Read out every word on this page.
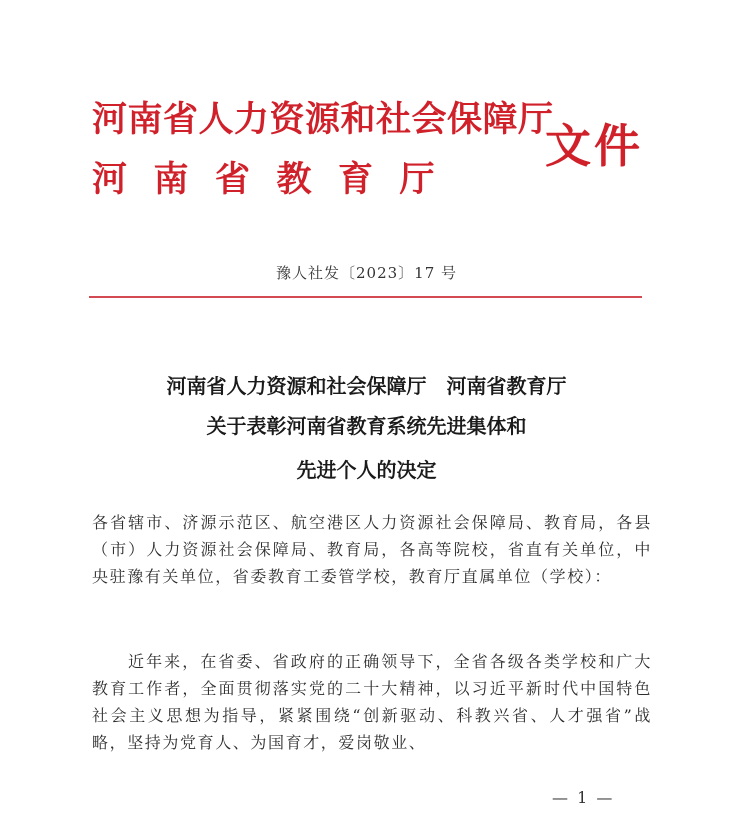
河南省人力资源和社会保障厅
河南省教育厅
文件
豫人社发〔2023〕17 号
河南省人力资源和社会保障厅　河南省教育厅
关于表彰河南省教育系统先进集体和
先进个人的决定
各省辖市、济源示范区、航空港区人力资源社会保障局、教育局，各县（市）人力资源社会保障局、教育局，各高等院校，省直有关单位，中央驻豫有关单位，省委教育工委管学校，教育厅直属单位（学校）：
近年来，在省委、省政府的正确领导下，全省各级各类学校和广大教育工作者，全面贯彻落实党的二十大精神，以习近平新时代中国特色社会主义思想为指导，紧紧围绕“创新驱动、科教兴省、人才强省”战略，坚持为党育人、为国育才，爱岗敬业、
— 1 —
